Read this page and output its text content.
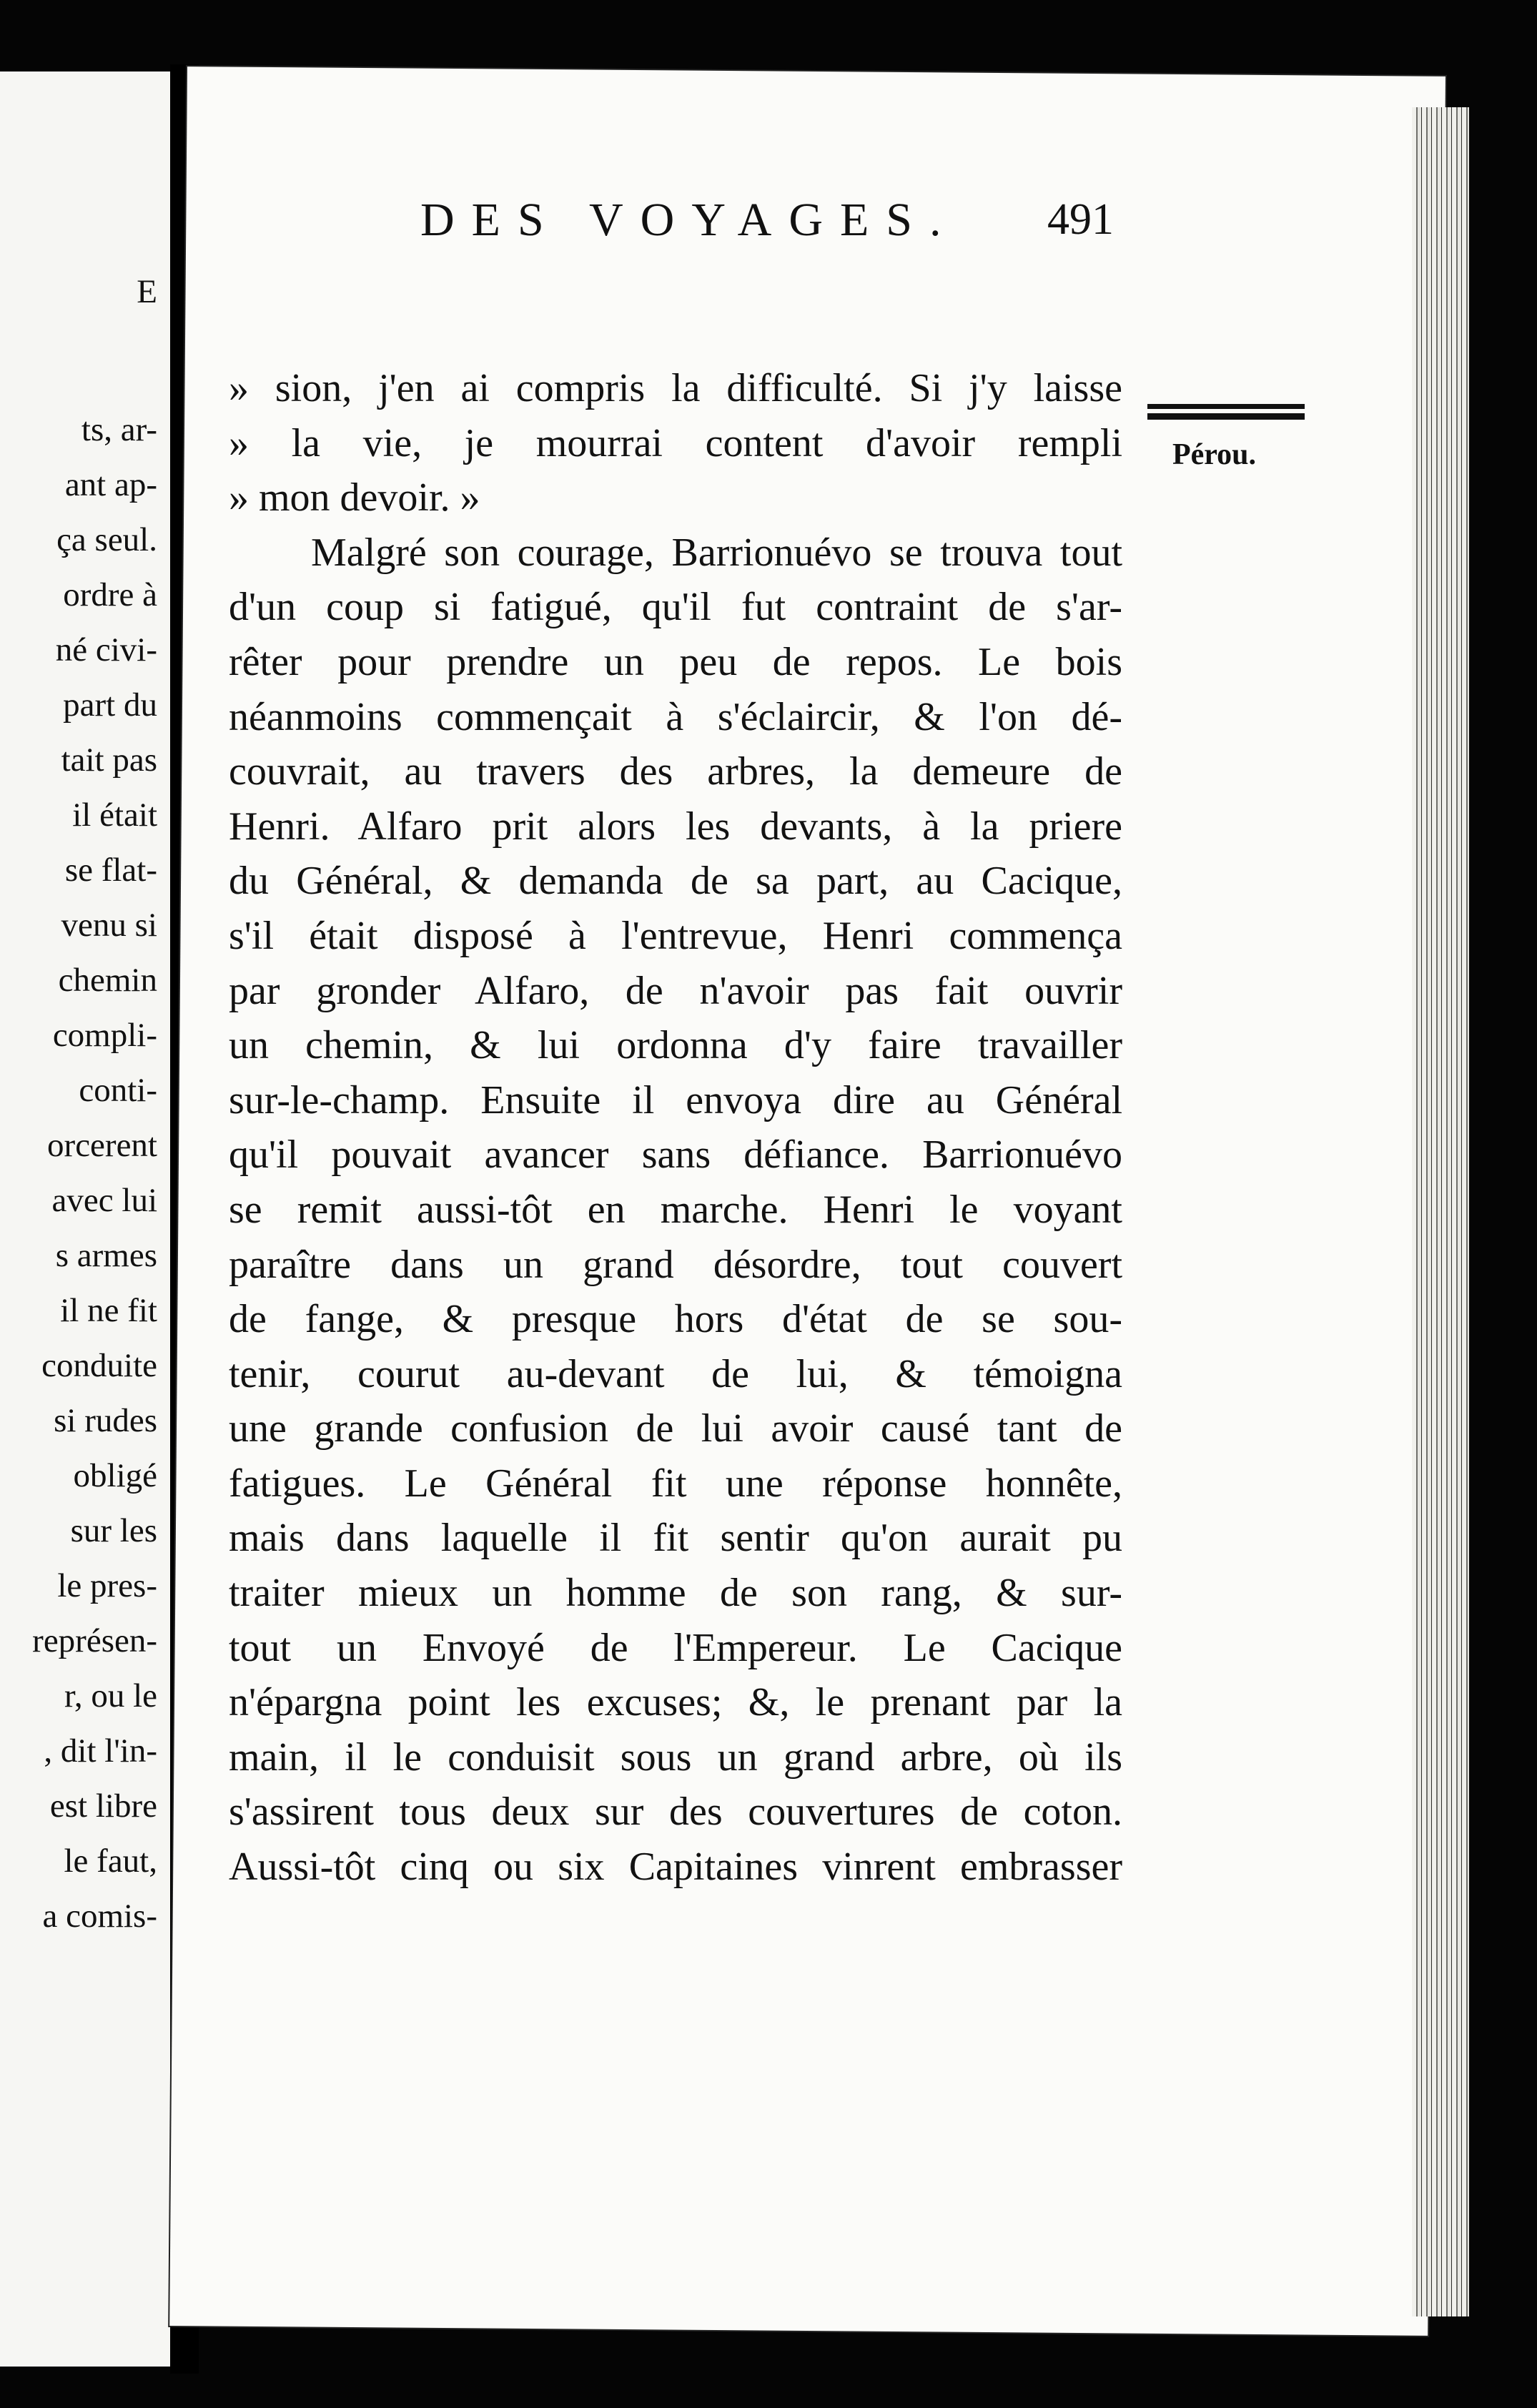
E
ts, ar-
ant ap-
ça seul.
ordre à
né civi-
part du
tait pas
il était
se flat-
venu si
chemin
compli-
conti-
orcerent
avec lui
s armes
il ne fit
conduite
si rudes
obligé
sur les
le pres-
représen-
r, ou le
, dit l'in-
est libre
le faut,
a comis-
DES VOYAGES. 491
Pérou.
» sion, j'en ai compris la difficulté. Si j'y laisse
» la vie, je mourrai content d'avoir rempli
» mon devoir. »
Malgré son courage, Barrionuévo se trouva tout
d'un coup si fatigué, qu'il fut contraint de s'ar-
rêter pour prendre un peu de repos. Le bois
néanmoins commençait à s'éclaircir, & l'on dé-
couvrait, au travers des arbres, la demeure de
Henri. Alfaro prit alors les devants, à la priere
du Général, & demanda de sa part, au Cacique,
s'il était disposé à l'entrevue, Henri commença
par gronder Alfaro, de n'avoir pas fait ouvrir
un chemin, & lui ordonna d'y faire travailler
sur-le-champ. Ensuite il envoya dire au Général
qu'il pouvait avancer sans défiance. Barrionuévo
se remit aussi-tôt en marche. Henri le voyant
paraître dans un grand désordre, tout couvert
de fange, & presque hors d'état de se sou-
tenir, courut au-devant de lui, & témoigna
une grande confusion de lui avoir causé tant de
fatigues. Le Général fit une réponse honnête,
mais dans laquelle il fit sentir qu'on aurait pu
traiter mieux un homme de son rang, & sur-
tout un Envoyé de l'Empereur. Le Cacique
n'épargna point les excuses; &, le prenant par la
main, il le conduisit sous un grand arbre, où ils
s'assirent tous deux sur des couvertures de coton.
Aussi-tôt cinq ou six Capitaines vinrent embrasser
